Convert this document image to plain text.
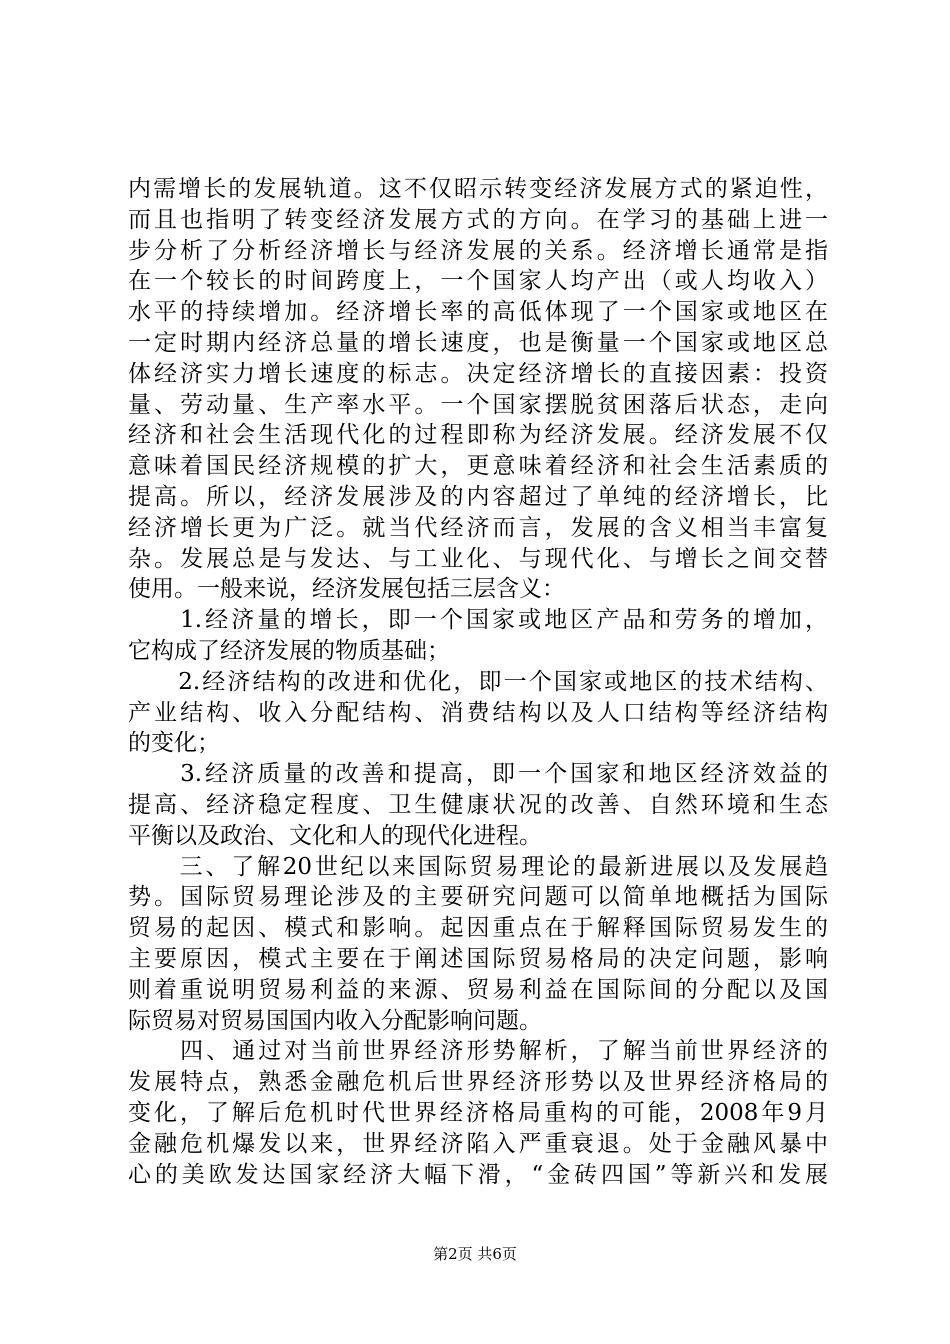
内需增长的发展轨道。这不仅昭示转变经济发展方式的紧迫性，
而且也指明了转变经济发展方式的方向。在学习的基础上进一
步分析了分析经济增长与经济发展的关系。经济增长通常是指
在一个较长的时间跨度上，一个国家人均产出（或人均收入）
水平的持续增加。经济增长率的高低体现了一个国家或地区在
一定时期内经济总量的增长速度，也是衡量一个国家或地区总
体经济实力增长速度的标志。决定经济增长的直接因素：投资
量、劳动量、生产率水平。一个国家摆脱贫困落后状态，走向
经济和社会生活现代化的过程即称为经济发展。经济发展不仅
意味着国民经济规模的扩大，更意味着经济和社会生活素质的
提高。所以，经济发展涉及的内容超过了单纯的经济增长，比
经济增长更为广泛。就当代经济而言，发展的含义相当丰富复
杂。发展总是与发达、与工业化、与现代化、与增长之间交替
使用。一般来说，经济发展包括三层含义：
　　1.经济量的增长，即一个国家或地区产品和劳务的增加，
它构成了经济发展的物质基础；
　　2.经济结构的改进和优化，即一个国家或地区的技术结构、
产业结构、收入分配结构、消费结构以及人口结构等经济结构
的变化；
　　3.经济质量的改善和提高，即一个国家和地区经济效益的
提高、经济稳定程度、卫生健康状况的改善、自然环境和生态
平衡以及政治、文化和人的现代化进程。
　　三、了解20世纪以来国际贸易理论的最新进展以及发展趋
势。国际贸易理论涉及的主要研究问题可以简单地概括为国际
贸易的起因、模式和影响。起因重点在于解释国际贸易发生的
主要原因，模式主要在于阐述国际贸易格局的决定问题，影响
则着重说明贸易利益的来源、贸易利益在国际间的分配以及国
际贸易对贸易国国内收入分配影响问题。
　　四、通过对当前世界经济形势解析，了解当前世界经济的
发展特点，熟悉金融危机后世界经济形势以及世界经济格局的
变化，了解后危机时代世界经济格局重构的可能，2008年9月
金融危机爆发以来，世界经济陷入严重衰退。处于金融风暴中
心的美欧发达国家经济大幅下滑，“金砖四国”等新兴和发展
第2页 共6页
